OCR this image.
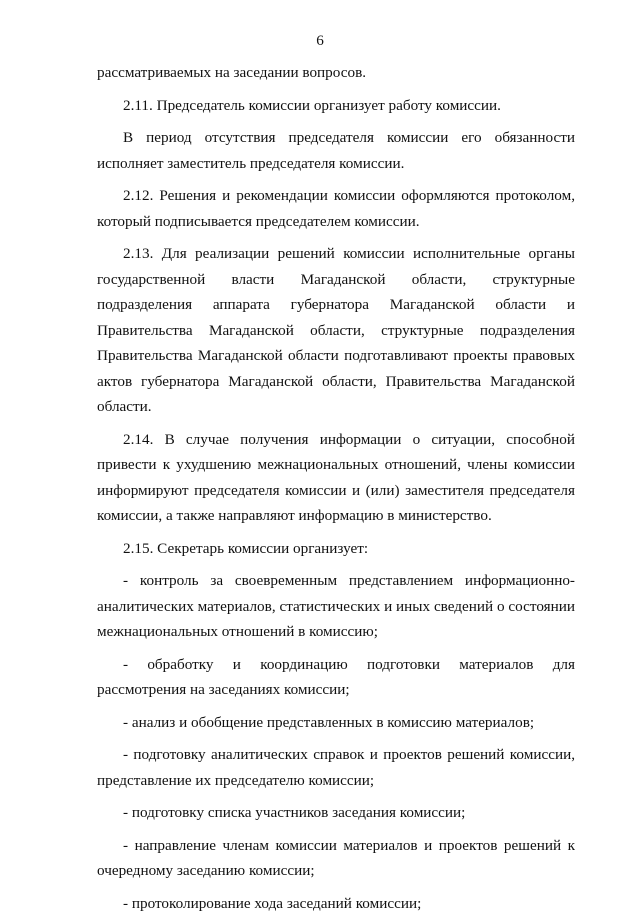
6

рассматриваемых на заседании вопросов.

2.11. Председатель комиссии организует работу комиссии.

В период отсутствия председателя комиссии его обязанности исполняет заместитель председателя комиссии.

2.12. Решения и рекомендации комиссии оформляются протоколом, который подписывается председателем комиссии.

2.13. Для реализации решений комиссии исполнительные органы государственной власти Магаданской области, структурные подразделения аппарата губернатора Магаданской области и Правительства Магаданской области, структурные подразделения Правительства Магаданской области подготавливают проекты правовых актов губернатора Магаданской области, Правительства Магаданской области.

2.14. В случае получения информации о ситуации, способной привести к ухудшению межнациональных отношений, члены комиссии информируют председателя комиссии и (или) заместителя председателя комиссии, а также направляют информацию в министерство.

2.15. Секретарь комиссии организует:

- контроль за своевременным представлением информационно-аналитических материалов, статистических и иных сведений о состоянии межнациональных отношений в комиссию;

- обработку и координацию подготовки материалов для рассмотрения на заседаниях комиссии;

- анализ и обобщение представленных в комиссию материалов;

- подготовку аналитических справок и проектов решений комиссии, представление их председателю комиссии;

- подготовку списка участников заседания комиссии;

- направление членам комиссии материалов и проектов решений к очередному заседанию комиссии;

- протоколирование хода заседаний комиссии;
